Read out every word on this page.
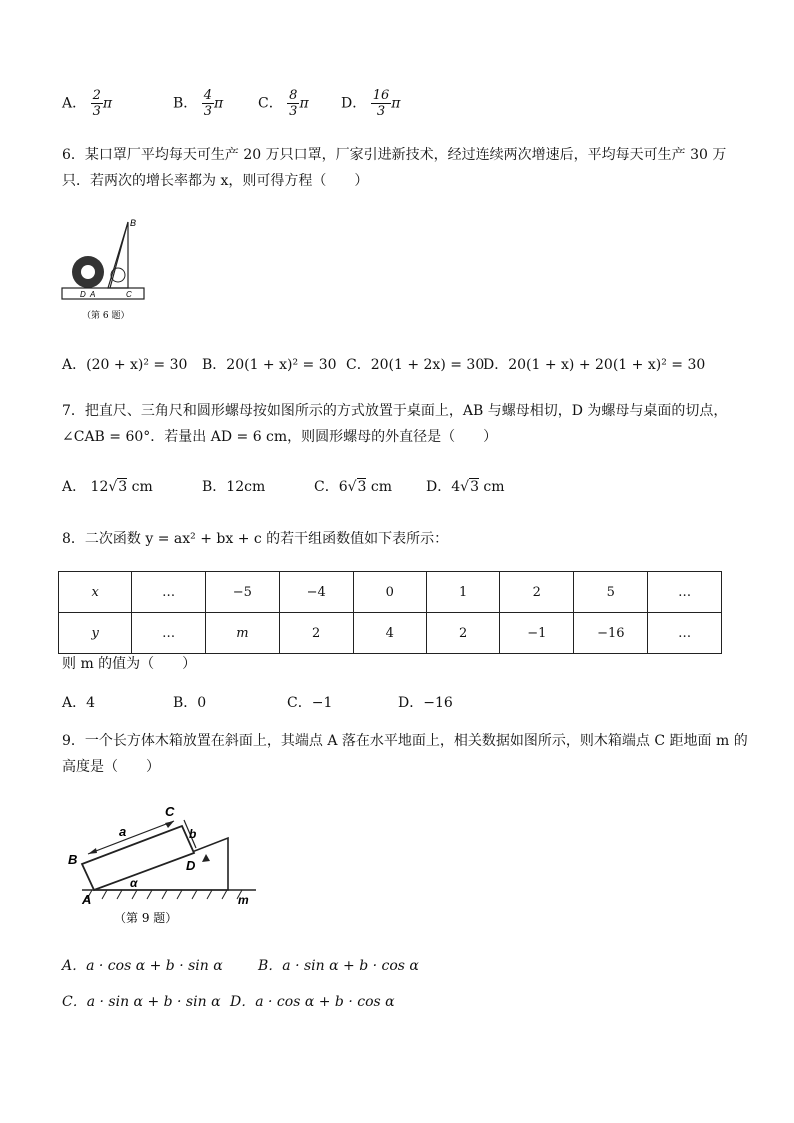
A． $\frac{2}{3}$ π	B． $\frac{4}{3}$ π C． $\frac{8}{3}$ π D． $\frac{16}{3}$ π
6．某口罩厂平均每天可生产 20 万只口罩，厂家引进新技术，经过连续两次增速后，平均每天可生产 30 万
只．若两次的增长率都为 x，则可得方程（　　）
B
D A	C
（第 6 题）
A．(20 + x)² = 30 B．20(1 + x)² = 30 C．20(1 + 2x) = 30
D．20(1 + x) + 20(1 + x)² = 30
7．把直尺、三角尺和圆形螺母按如图所示的方式放置于桌面上，AB 与螺母相切，D 为螺母与桌面的切点，
∠CAB = 60°．若量出 AD = 6 cm，则圆形螺母的外直径是（　　）
A． 12√3 cm	B．12cm	C．6√3 cm D．4√3 cm
8．二次函数 y = ax² + bx + c 的若干组函数值如下表所示：
x	…	−5	−4	0	1	2	5	…
y	…	m	2	4	2	−1	−16	…
则 m 的值为（　　）
A．4	B．0	C．−1	D．−16
9．一个长方体木箱放置在斜面上，其端点 A 落在水平地面上，相关数据如图所示，则木箱端点 C 距地面 m 的
高度是（　　）
a	b
C
B	D
α
A	m
（第 9 题）
A．a · cos α + b · sin α	B．a · sin α + b · cos α
C．a · sin α + b · sin α D．a · cos α + b · cos α
